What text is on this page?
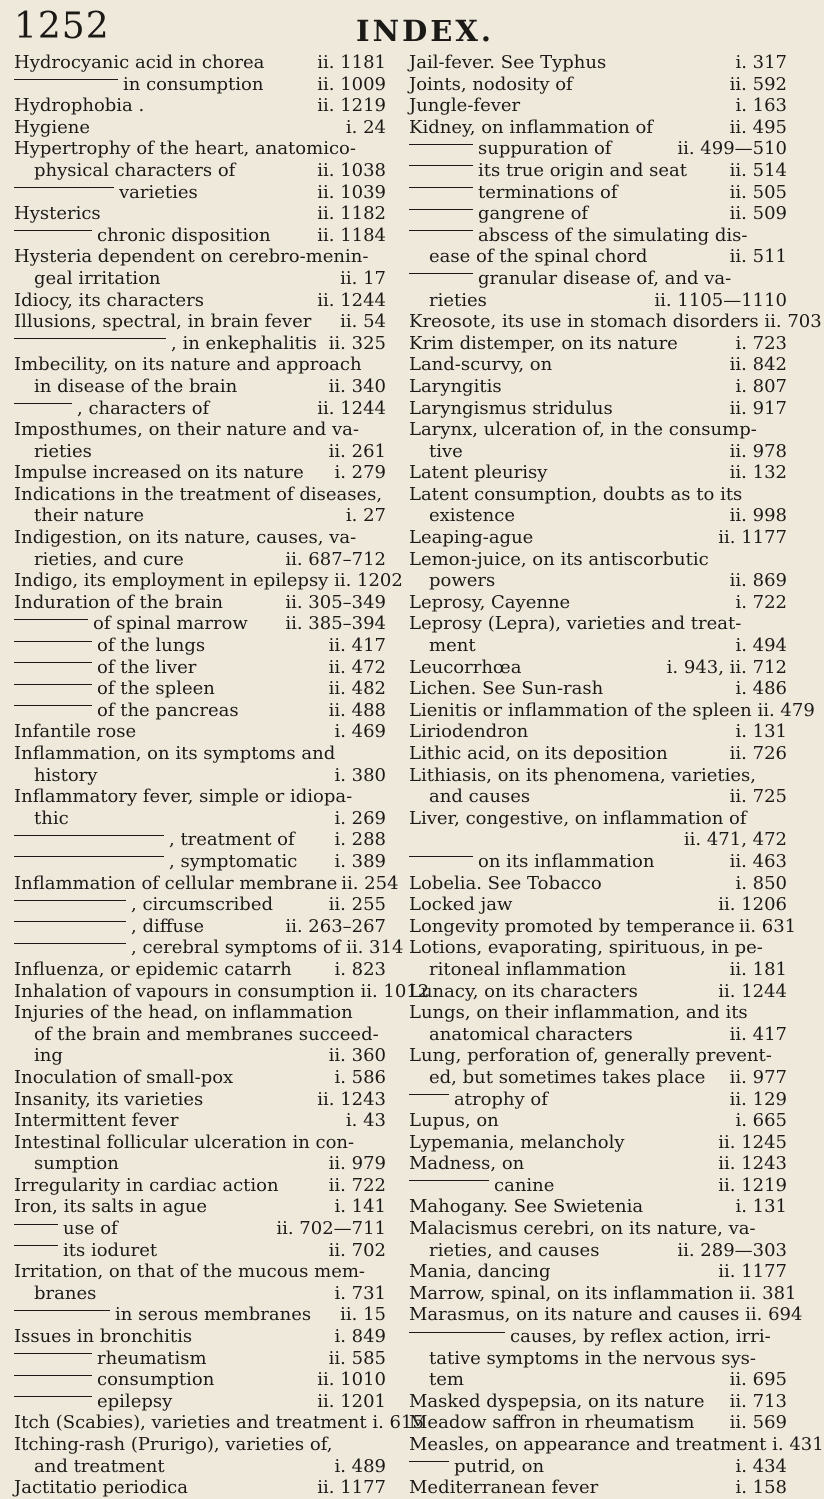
1252	INDEX.
Hydrocyanic acid in chorea	ii. 1181
in consumption	ii. 1009
Hydrophobia .	ii. 1219
Hygiene	i. 24
Hypertrophy of the heart, anatomico-
physical characters of	ii. 1038
varieties	ii. 1039
Hysterics	ii. 1182
chronic disposition	ii. 1184
Hysteria dependent on cerebro-menin-
geal irritation	ii. 17
Idiocy, its characters	ii. 1244
Illusions, spectral, in brain fever ii. 54
, in enkephalitis ii. 325
Imbecility, on its nature and approach
in disease of the brain	ii. 340
, characters of	ii. 1244
Imposthumes, on their nature and va-
rieties	ii. 261
Impulse increased on its nature i. 279
Indications in the treatment of diseases,
their nature	i. 27
Indigestion, on its nature, causes, va-
rieties, and cure	ii. 687–712
Indigo, its employment in epilepsy ii. 1202
Induration of the brain	ii. 305–349
of spinal marrow ii. 385–394
of the lungs	ii. 417
of the liver	ii. 472
of the spleen	ii. 482
of the pancreas	ii. 488
Infantile rose	i. 469
Inflammation, on its symptoms and
history	i. 380
Inflammatory fever, simple or idiopa-
thic	i. 269
, treatment of i. 288
, symptomatic i. 389
Inflammation of cellular membrane ii. 254
, circumscribed	ii. 255
, diffuse	ii. 263–267
, cerebral symptoms of ii. 314
Influenza, or epidemic catarrh i. 823
Inhalation of vapours in consumption ii. 1012
Injuries of the head, on inflammation
of the brain and membranes succeed-
ing	ii. 360
Inoculation of small-pox	i. 586
Insanity, its varieties	ii. 1243
Intermittent fever	i. 43
Intestinal follicular ulceration in con-
sumption	ii. 979
Irregularity in cardiac action	ii. 722
Iron, its salts in ague	i. 141
use of	ii. 702—711
its ioduret	ii. 702
Irritation, on that of the mucous mem-
branes	i. 731
in serous membranes ii. 15
Issues in bronchitis	i. 849
rheumatism	ii. 585
consumption	ii. 1010
epilepsy	ii. 1201
Itch (Scabies), varieties and treatment i. 615
Itching-rash (Prurigo), varieties of,
and treatment	i. 489
Jactitatio periodica	ii. 1177
Jail-fever. See Typhus	i. 317
Joints, nodosity of	ii. 592
Jungle-fever	i. 163
Kidney, on inflammation of	ii. 495
suppuration of	ii. 499—510
its true origin and seat ii. 514
terminations of	ii. 505
gangrene of	ii. 509
abscess of the simulating dis-
ease of the spinal chord	ii. 511
granular disease of, and va-
rieties	ii. 1105—1110
Kreosote, its use in stomach disorders ii. 703
Krim distemper, on its nature	i. 723
Land-scurvy, on	ii. 842
Laryngitis	i. 807
Laryngismus stridulus	ii. 917
Larynx, ulceration of, in the consump-
tive	ii. 978
Latent pleurisy	ii. 132
Latent consumption, doubts as to its
existence	ii. 998
Leaping-ague	ii. 1177
Lemon-juice, on its antiscorbutic
powers	ii. 869
Leprosy, Cayenne	i. 722
Leprosy (Lepra), varieties and treat-
ment	i. 494
Leucorrhœa	i. 943, ii. 712
Lichen. See Sun-rash	i. 486
Lienitis or inflammation of the spleen ii. 479
Liriodendron	i. 131
Lithic acid, on its deposition	ii. 726
Lithiasis, on its phenomena, varieties,
and causes	ii. 725
Liver, congestive, on inflammation of
ii. 471, 472
on its inflammation	ii. 463
Lobelia. See Tobacco	i. 850
Locked jaw	ii. 1206
Longevity promoted by temperance ii. 631
Lotions, evaporating, spirituous, in pe-
ritoneal inflammation	ii. 181
Lunacy, on its characters	ii. 1244
Lungs, on their inflammation, and its
anatomical characters	ii. 417
Lung, perforation of, generally prevent-
ed, but sometimes takes place ii. 977
atrophy of	ii. 129
Lupus, on	i. 665
Lypemania, melancholy	ii. 1245
Madness, on	ii. 1243
canine	ii. 1219
Mahogany. See Swietenia	i. 131
Malacismus cerebri, on its nature, va-
rieties, and causes	ii. 289—303
Mania, dancing	ii. 1177
Marrow, spinal, on its inflammation ii. 381
Marasmus, on its nature and causes ii. 694
causes, by reflex action, irri-
tative symptoms in the nervous sys-
tem	ii. 695
Masked dyspepsia, on its nature ii. 713
Meadow saffron in rheumatism ii. 569
Measles, on appearance and treatment i. 431
putrid, on	i. 434
Mediterranean fever	i. 158
